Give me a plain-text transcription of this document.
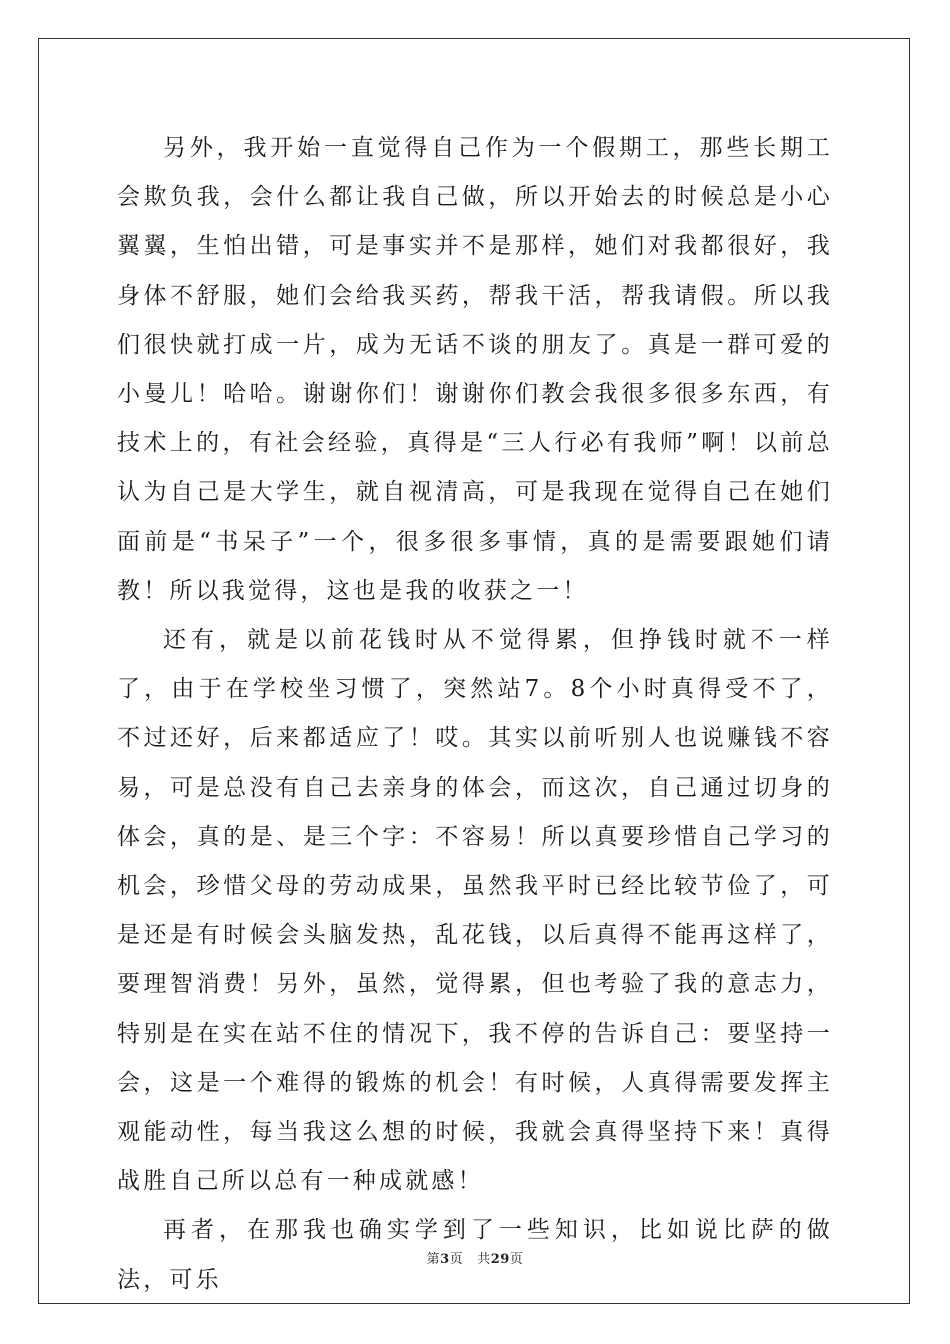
另外，我开始一直觉得自己作为一个假期工，那些长期工会欺负我，会什么都让我自己做，所以开始去的时候总是小心翼翼，生怕出错，可是事实并不是那样，她们对我都很好，我身体不舒服，她们会给我买药，帮我干活，帮我请假。所以我们很快就打成一片，成为无话不谈的朋友了。真是一群可爱的小曼儿！哈哈。谢谢你们！谢谢你们教会我很多很多东西，有技术上的，有社会经验，真得是“三人行必有我师”啊！以前总认为自己是大学生，就自视清高，可是我现在觉得自己在她们面前是“书呆子”一个，很多很多事情，真的是需要跟她们请教！所以我觉得，这也是我的收获之一！

还有，就是以前花钱时从不觉得累，但挣钱时就不一样了，由于在学校坐习惯了，突然站7。8个小时真得受不了，不过还好，后来都适应了！哎。其实以前听别人也说赚钱不容易，可是总没有自己去亲身的体会，而这次，自己通过切身的体会，真的是、是三个字：不容易！所以真要珍惜自己学习的机会，珍惜父母的劳动成果，虽然我平时已经比较节俭了，可是还是有时候会头脑发热，乱花钱，以后真得不能再这样了，要理智消费！另外，虽然，觉得累，但也考验了我的意志力，特别是在实在站不住的情况下，我不停的告诉自己：要坚持一会，这是一个难得的锻炼的机会！有时候，人真得需要发挥主观能动性，每当我这么想的时候，我就会真得坚持下来！真得战胜自己所以总有一种成就感！

再者，在那我也确实学到了一些知识，比如说比萨的做法，可乐

第3页 共29页
